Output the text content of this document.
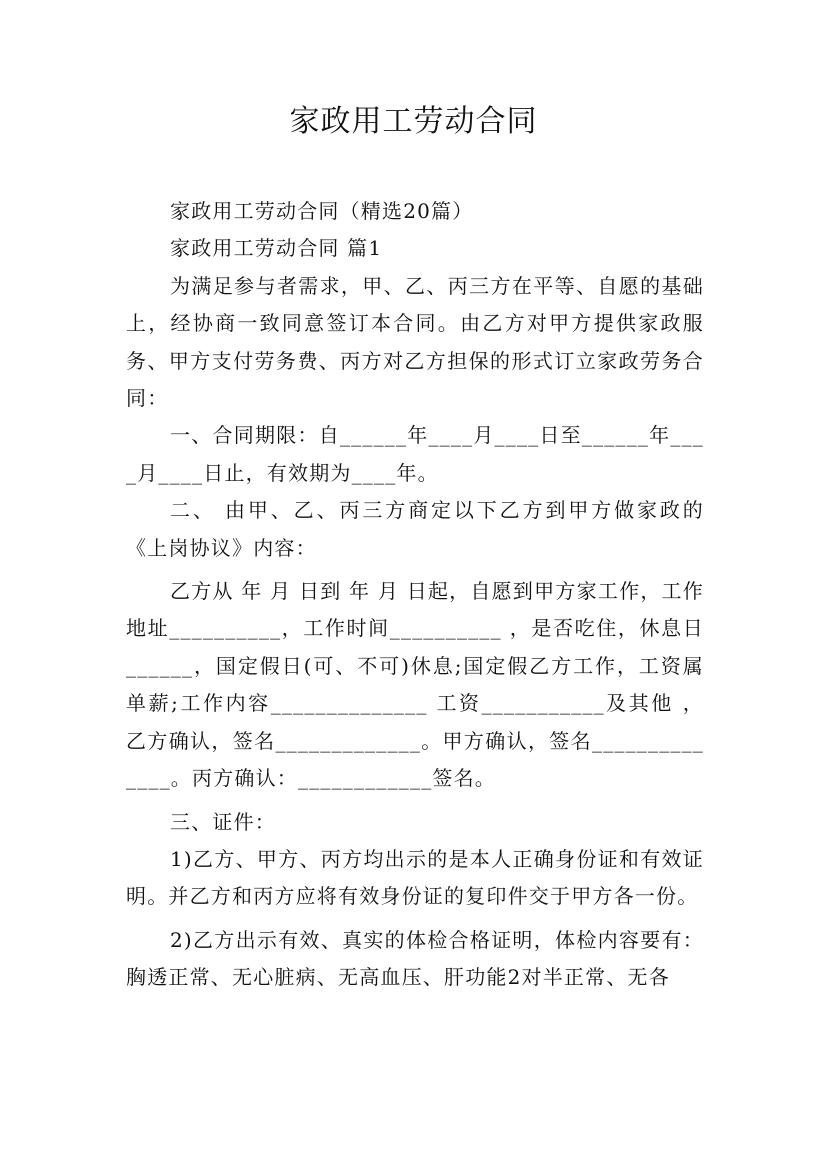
家政用工劳动合同

家政用工劳动合同（精选20篇）

家政用工劳动合同 篇1

为满足参与者需求，甲、乙、丙三方在平等、自愿的基础上，经协商一致同意签订本合同。由乙方对甲方提供家政服务、甲方支付劳务费、丙方对乙方担保的形式订立家政劳务合同：

一、合同期限：自______年____月____日至______年____月____日止，有效期为____年。

二、 由甲、乙、丙三方商定以下乙方到甲方做家政的《上岗协议》内容：

乙方从 年 月 日到 年 月 日起，自愿到甲方家工作，工作地址__________，工作时间__________ ，是否吃住，休息日______，国定假日(可、不可)休息;国定假乙方工作，工资属单薪;工作内容______________ 工资___________及其他 ，乙方确认，签名_____________。甲方确认，签名______________。丙方确认：____________签名。

三、证件：

1)乙方、甲方、丙方均出示的是本人正确身份证和有效证明。并乙方和丙方应将有效身份证的复印件交于甲方各一份。

2)乙方出示有效、真实的体检合格证明，体检内容要有：胸透正常、无心脏病、无高血压、肝功能2对半正常、无各
